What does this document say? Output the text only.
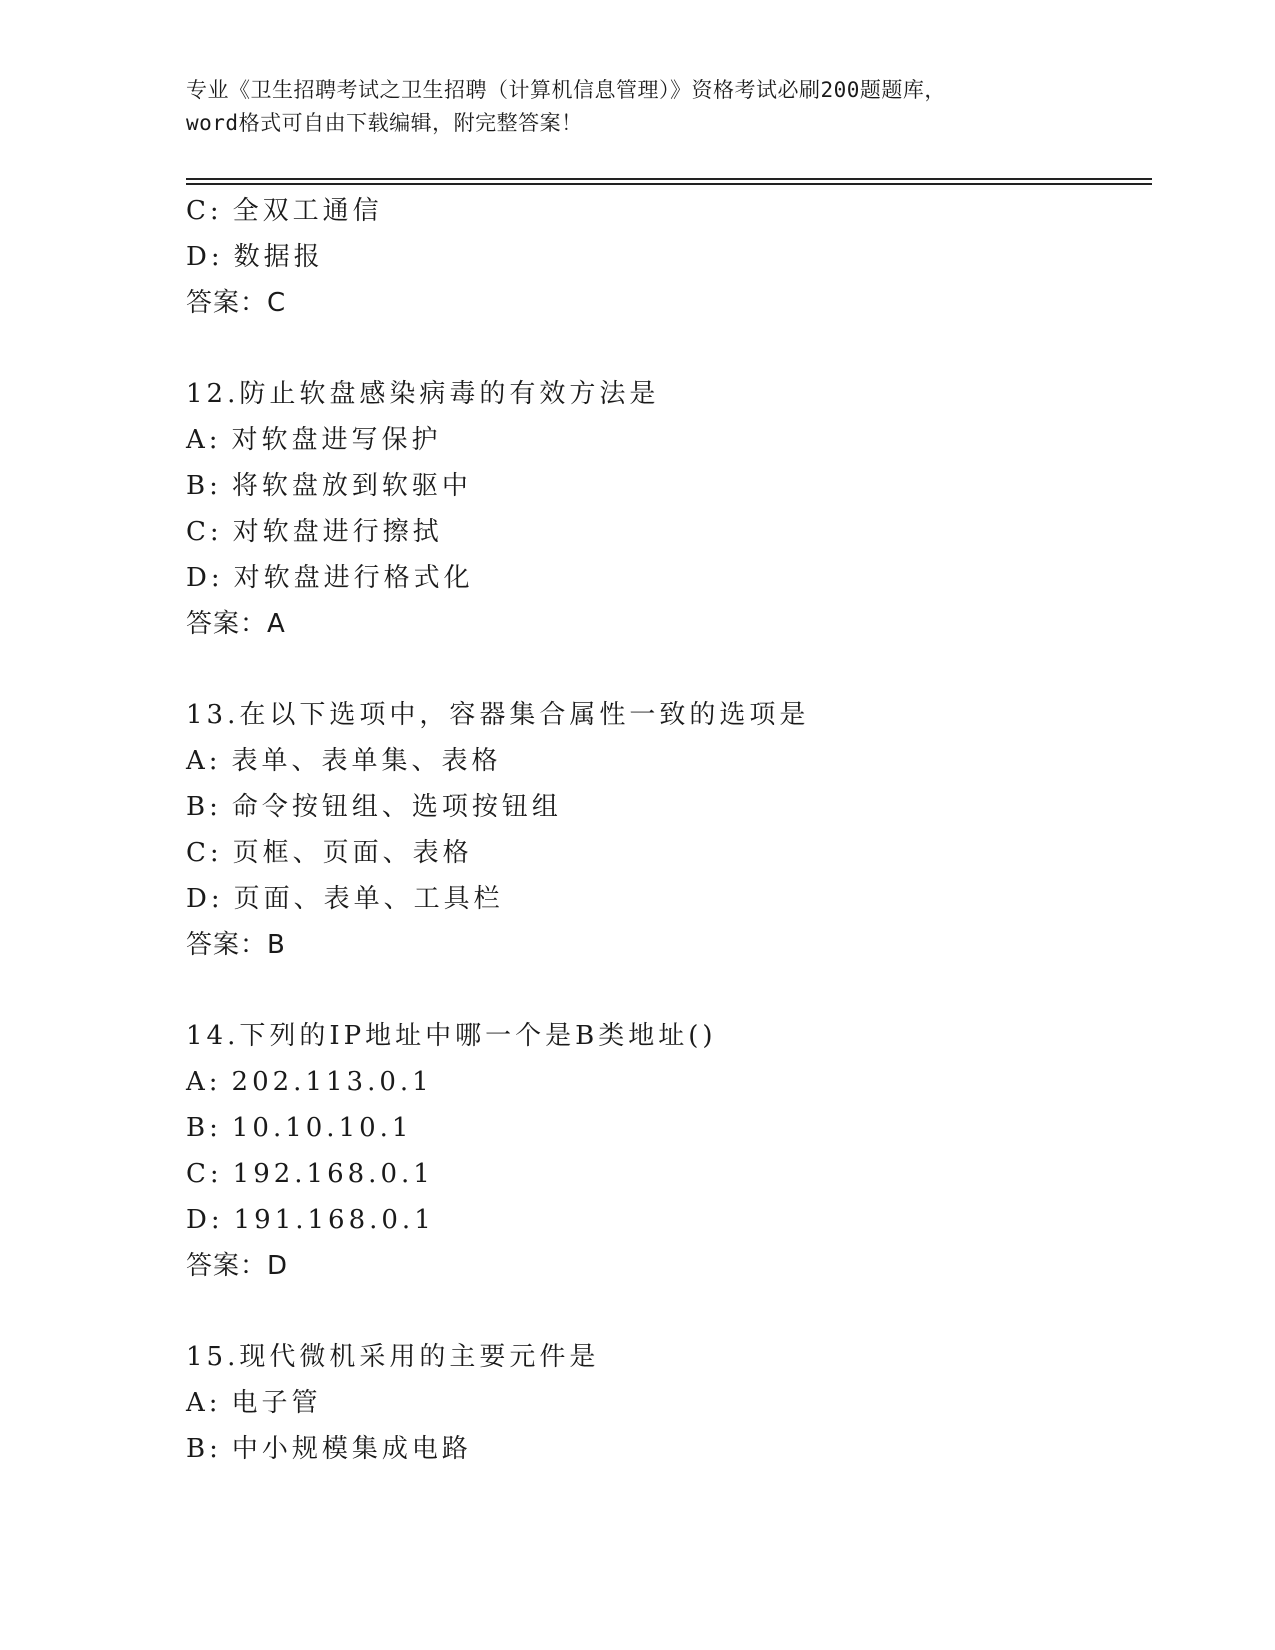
专业《卫生招聘考试之卫生招聘（计算机信息管理）》资格考试必刷200题题库，
word格式可自由下载编辑，附完整答案！
C: 全双工通信
D: 数据报
答案：C
12.防止软盘感染病毒的有效方法是
A: 对软盘进写保护
B: 将软盘放到软驱中
C: 对软盘进行擦拭
D: 对软盘进行格式化
答案：A
13.在以下选项中，容器集合属性一致的选项是
A: 表单、表单集、表格
B: 命令按钮组、选项按钮组
C: 页框、页面、表格
D: 页面、表单、工具栏
答案：B
14.下列的IP地址中哪一个是B类地址()
A: 202.113.0.1
B: 10.10.10.1
C: 192.168.0.1
D: 191.168.0.1
答案：D
15.现代微机采用的主要元件是
A: 电子管
B: 中小规模集成电路
